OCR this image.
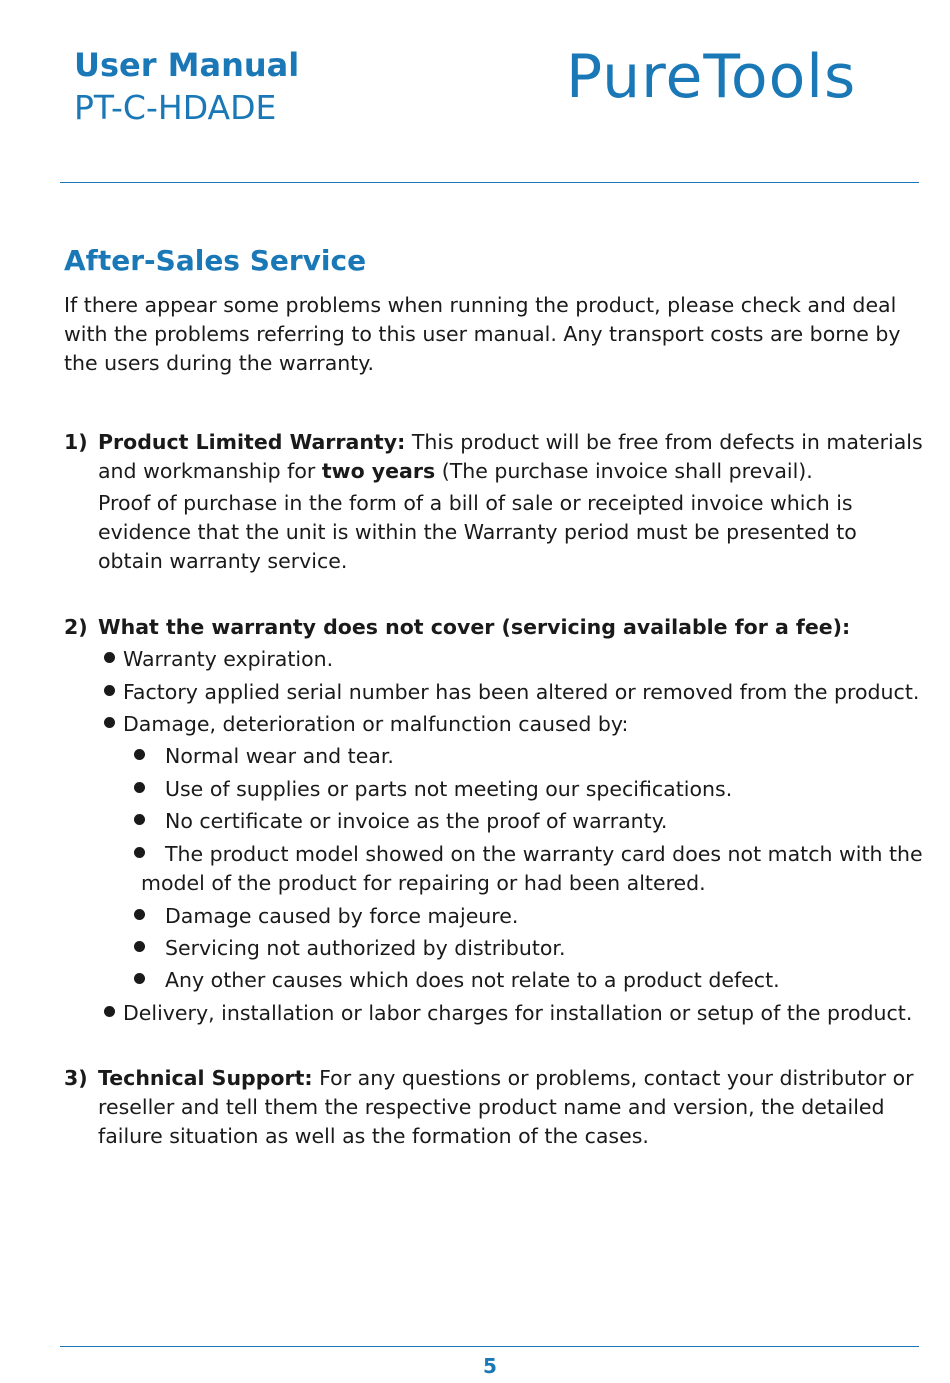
User Manual
PT-C-HDADE	PureTools
After-Sales Service

If there appear some problems when running the product, please check and deal with the problems referring to this user manual. Any transport costs are borne by the users during the warranty.

1) Product Limited Warranty: This product will be free from defects in materials and workmanship for two years (The purchase invoice shall prevail).

Proof of purchase in the form of a bill of sale or receipted invoice which is evidence that the unit is within the Warranty period must be presented to obtain warranty service.

2) What the warranty does not cover (servicing available for a fee):

Warranty expiration.
Factory applied serial number has been altered or removed from the product.
Damage, deterioration or malfunction caused by:
Normal wear and tear.
Use of supplies or parts not meeting our specifications.
No certificate or invoice as the proof of warranty.
The product model showed on the warranty card does not match with the
model of the product for repairing or had been altered.
Damage caused by force majeure.
Servicing not authorized by distributor.
Any other causes which does not relate to a product defect.
Delivery, installation or labor charges for installation or setup of the product.
3) Technical Support: For any questions or problems, contact your distributor or reseller and tell them the respective product name and version, the detailed failure situation as well as the formation of the cases.

5
